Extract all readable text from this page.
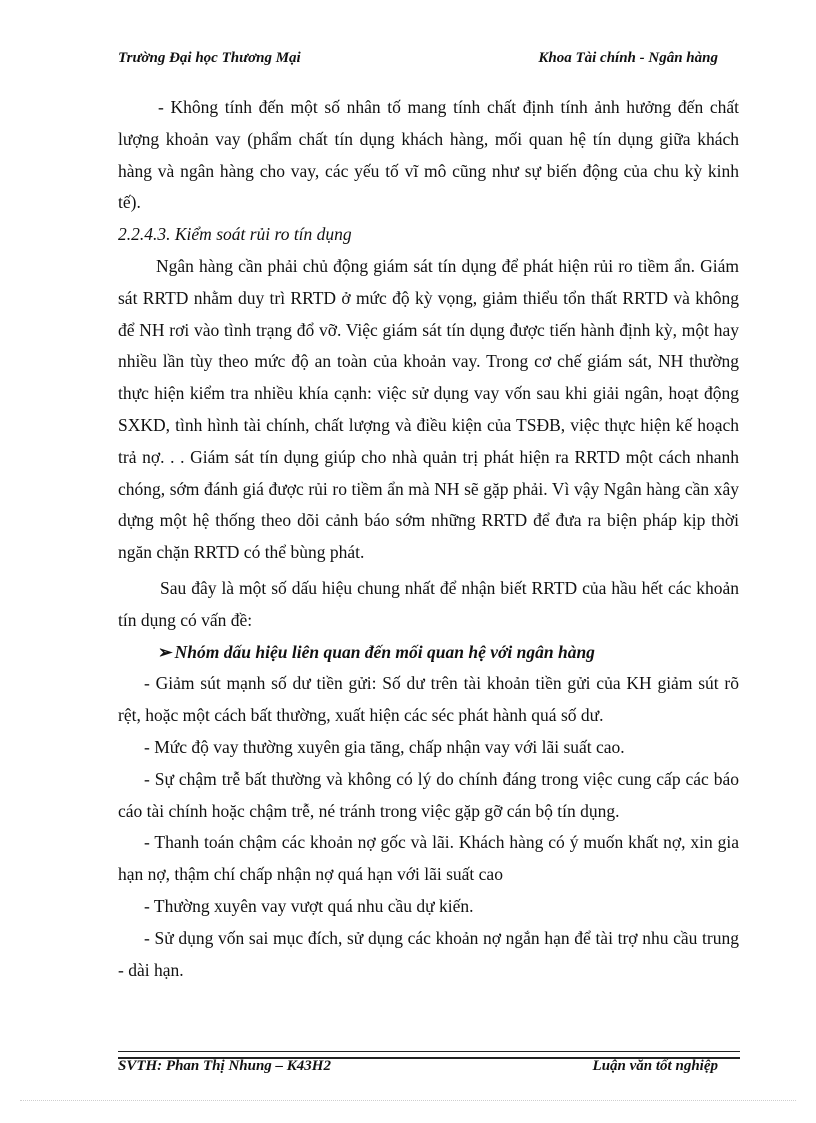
Trường Đại học Thương Mại	Khoa Tài chính - Ngân hàng

- Không tính đến một số nhân tố mang tính chất định tính ảnh hưởng đến chất lượng khoản vay (phẩm chất tín dụng khách hàng, mối quan hệ tín dụng giữa khách hàng và ngân hàng cho vay, các yếu tố vĩ mô cũng như sự biến động của chu kỳ kinh tế).

2.2.4.3. Kiểm soát rủi ro tín dụng

Ngân hàng cần phải chủ động giám sát tín dụng để phát hiện rủi ro tiềm ẩn. Giám sát RRTD nhằm duy trì RRTD ở mức độ kỳ vọng, giảm thiểu tổn thất RRTD và không để NH rơi vào tình trạng đổ vỡ. Việc giám sát tín dụng được tiến hành định kỳ, một hay nhiều lần tùy theo mức độ an toàn của khoản vay. Trong cơ chế giám sát, NH thường thực hiện kiểm tra nhiều khía cạnh: việc sử dụng vay vốn sau khi giải ngân, hoạt động SXKD, tình hình tài chính, chất lượng và điều kiện của TSĐB, việc thực hiện kế hoạch trả nợ. . . Giám sát tín dụng giúp cho nhà quản trị phát hiện ra RRTD một cách nhanh chóng, sớm đánh giá được rủi ro tiềm ẩn mà NH sẽ gặp phải. Vì vậy Ngân hàng cần xây dựng một hệ thống theo dõi cảnh báo sớm những RRTD để đưa ra biện pháp kịp thời ngăn chặn RRTD có thể bùng phát.

Sau đây là một số dấu hiệu chung nhất để nhận biết RRTD của hầu hết các khoản tín dụng có vấn đề:

➢ Nhóm dấu hiệu liên quan đến mối quan hệ với ngân hàng

- Giảm sút mạnh số dư tiền gửi: Số dư trên tài khoản tiền gửi của KH giảm sút rõ rệt, hoặc một cách bất thường, xuất hiện các séc phát hành quá số dư.

- Mức độ vay thường xuyên gia tăng, chấp nhận vay với lãi suất cao.

- Sự chậm trễ bất thường và không có lý do chính đáng trong việc cung cấp các báo cáo tài chính hoặc chậm trễ, né tránh trong việc gặp gỡ cán bộ tín dụng.

- Thanh toán chậm các khoản nợ gốc và lãi. Khách hàng có ý muốn khất nợ, xin gia hạn nợ, thậm chí chấp nhận nợ quá hạn với lãi suất cao

- Thường xuyên vay vượt quá nhu cầu dự kiến.

- Sử dụng vốn sai mục đích, sử dụng các khoản nợ ngắn hạn để tài trợ nhu cầu trung - dài hạn.

SVTH: Phan Thị Nhung – K43H2	Luận văn tốt nghiệp
